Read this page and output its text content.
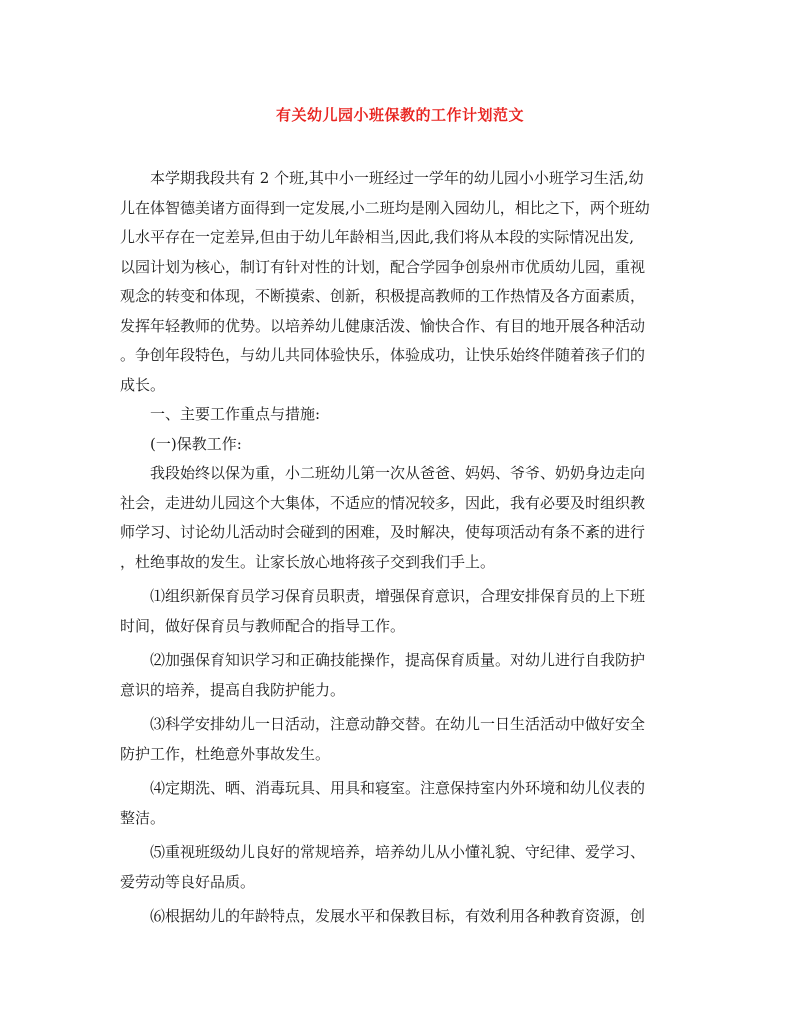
有关幼儿园小班保教的工作计划范文
　　本学期我段共有 2 个班,其中小一班经过一学年的幼儿园小小班学习生活,幼
儿在体智德美诸方面得到一定发展,小二班均是刚入园幼儿，相比之下，两个班幼
儿水平存在一定差异,但由于幼儿年龄相当,因此,我们将从本段的实际情况出发,
以园计划为核心，制订有针对性的计划，配合学园争创泉州市优质幼儿园，重视
观念的转变和体现，不断摸索、创新，积极提高教师的工作热情及各方面素质，
发挥年轻教师的优势。以培养幼儿健康活泼、愉快合作、有目的地开展各种活动
。争创年段特色，与幼儿共同体验快乐，体验成功，让快乐始终伴随着孩子们的
成长。
　　一、主要工作重点与措施:
　　(一)保教工作:
　　我段始终以保为重，小二班幼儿第一次从爸爸、妈妈、爷爷、奶奶身边走向
社会，走进幼儿园这个大集体，不适应的情况较多，因此，我有必要及时组织教
师学习、讨论幼儿活动时会碰到的困难，及时解决，使每项活动有条不紊的进行
，杜绝事故的发生。让家长放心地将孩子交到我们手上。
　　⑴组织新保育员学习保育员职责，增强保育意识，合理安排保育员的上下班
时间，做好保育员与教师配合的指导工作。
　　⑵加强保育知识学习和正确技能操作，提高保育质量。对幼儿进行自我防护
意识的培养，提高自我防护能力。
　　⑶科学安排幼儿一日活动，注意动静交替。在幼儿一日生活活动中做好安全
防护工作，杜绝意外事故发生。
　　⑷定期洗、晒、消毒玩具、用具和寝室。注意保持室内外环境和幼儿仪表的
整洁。
　　⑸重视班级幼儿良好的常规培养，培养幼儿从小懂礼貌、守纪律、爱学习、
爱劳动等良好品质。
　　⑹根据幼儿的年龄特点，发展水平和保教目标，有效利用各种教育资源，创
